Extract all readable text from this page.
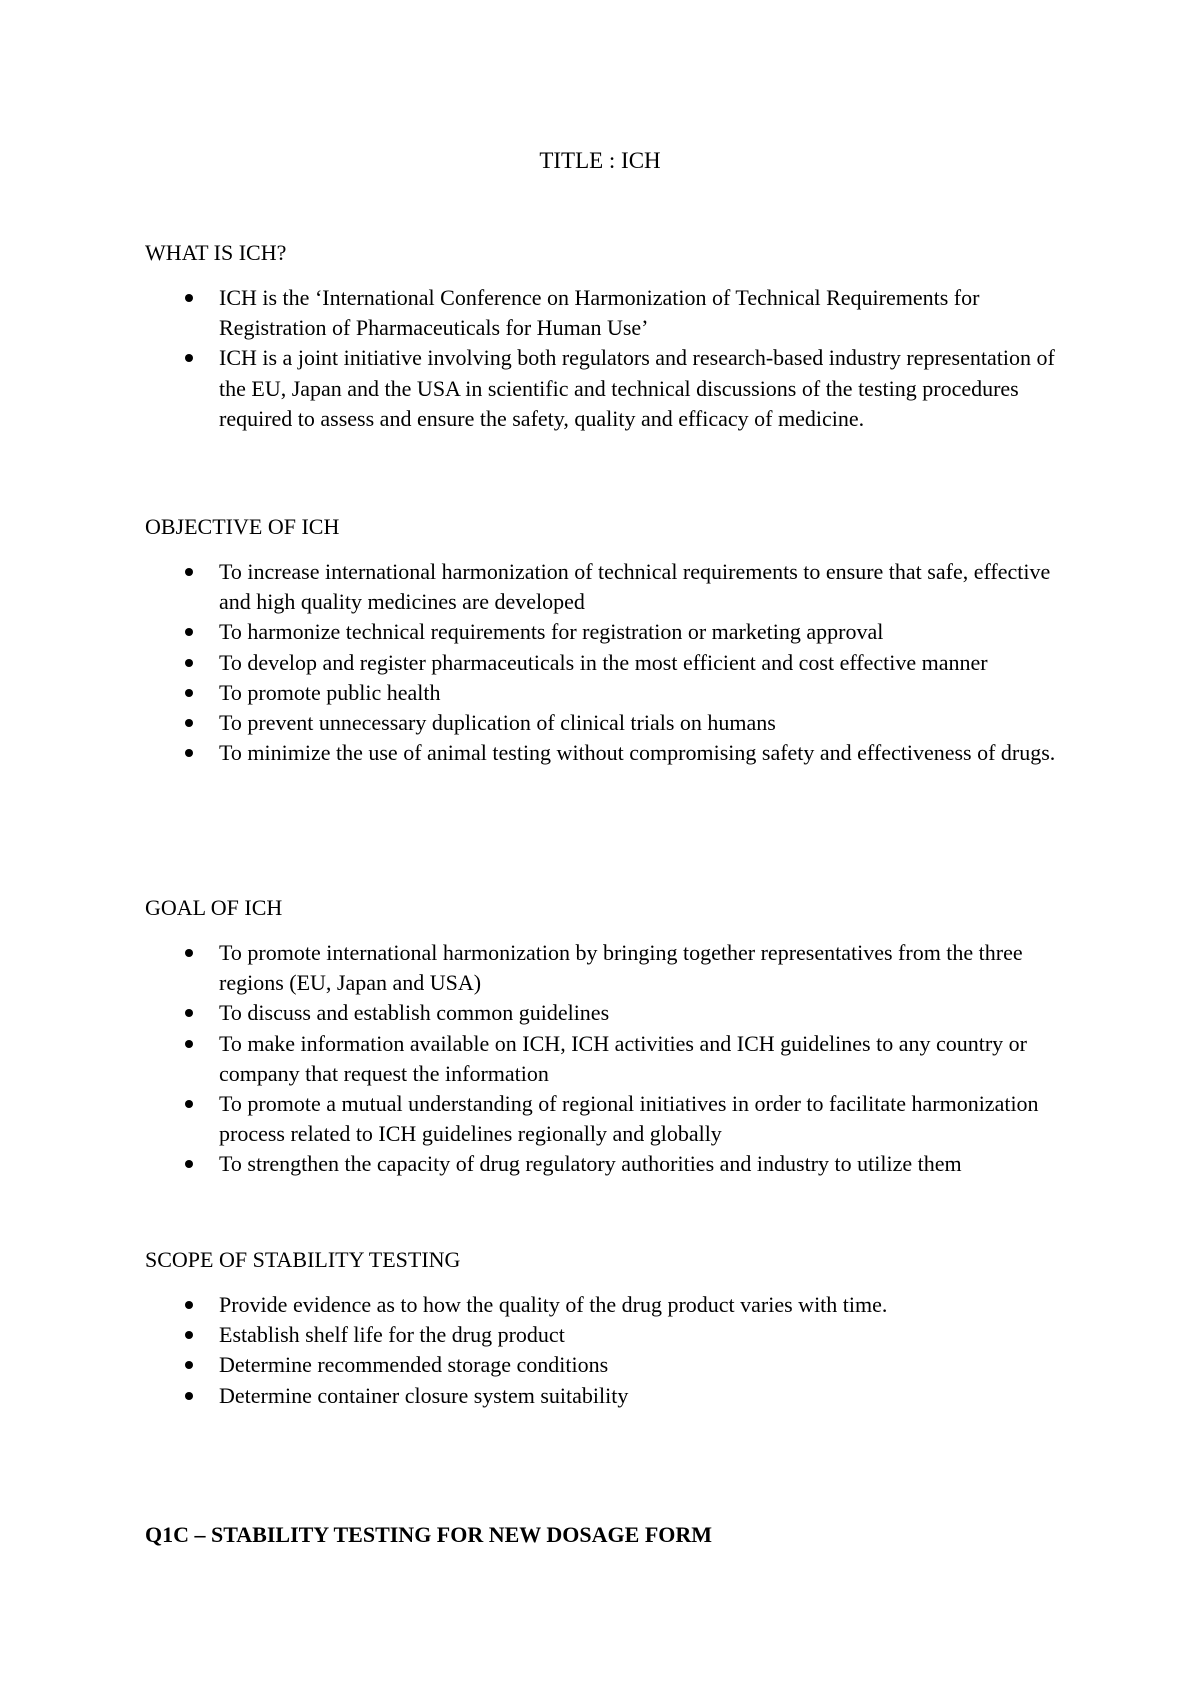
TITLE : ICH
WHAT IS ICH?
ICH is the ‘International Conference on Harmonization of Technical Requirements for Registration of Pharmaceuticals for Human Use’
ICH is a joint initiative involving both regulators and research-based industry representation of the EU, Japan and the USA in scientific and technical discussions of the testing procedures required to assess and ensure the safety, quality and efficacy of medicine.
OBJECTIVE OF ICH
To increase international harmonization of technical requirements to ensure that safe, effective and high quality medicines are developed
To harmonize technical requirements for registration or marketing approval
To develop and register pharmaceuticals in the most efficient and cost effective manner
To promote public health
To prevent unnecessary duplication of clinical trials on humans
To minimize the use of animal testing without compromising safety and effectiveness of drugs.
GOAL OF ICH
To promote international harmonization by bringing together representatives from the three regions (EU, Japan and USA)
To discuss and establish common guidelines
To make information available on ICH, ICH activities and ICH guidelines to any country or company that request the information
To promote a mutual understanding of regional initiatives in order to facilitate harmonization process related to ICH guidelines regionally and globally
To strengthen the capacity of drug regulatory authorities and industry to utilize them
SCOPE OF STABILITY TESTING
Provide evidence as to how the quality of the drug product varies with time.
Establish shelf life for the drug product
Determine recommended storage conditions
Determine container closure system suitability
Q1C – STABILITY TESTING FOR NEW DOSAGE FORM
